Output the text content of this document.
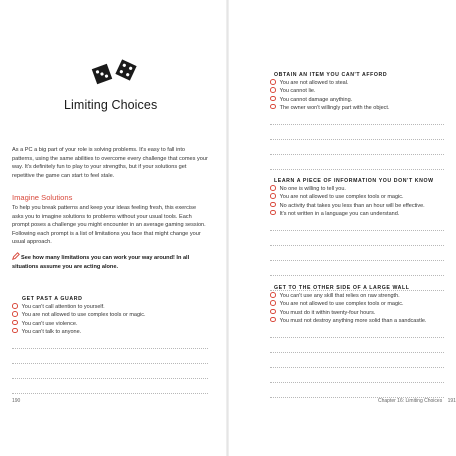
Limiting Choices
As a PC a big part of your role is solving problems. It's easy to fall into patterns, using the same abilities to overcome every challenge that comes your way. It's definitely fun to play to your strengths, but if your solutions get repetitive the game can start to feel stale.
Imagine Solutions
To help you break patterns and keep your ideas feeling fresh, this exercise asks you to imagine solutions to problems without your usual tools. Each prompt poses a challenge you might encounter in an average gaming session. Following each prompt is a list of limitations you face that might change your usual approach.
See how many limitations you can work your way around! In all situations assume you are acting alone.
GET PAST A GUARD
You can't call attention to yourself.
You are not allowed to use complex tools or magic.
You can't use violence.
You can't talk to anyone.
190
OBTAIN AN ITEM YOU CAN'T AFFORD
You are not allowed to steal.
You cannot lie.
You cannot damage anything.
The owner won't willingly part with the object.
LEARN A PIECE OF INFORMATION YOU DON'T KNOW
No one is willing to tell you.
You are not allowed to use complex tools or magic.
No activity that takes you less than an hour will be effective.
It's not written in a language you can understand.
GET TO THE OTHER SIDE OF A LARGE WALL
You can't use any skill that relies on raw strength.
You are not allowed to use complex tools or magic.
You must do it within twenty-four hours.
You must not destroy anything more solid than a sandcastle.
Chapter 16: Limiting Choices 191
